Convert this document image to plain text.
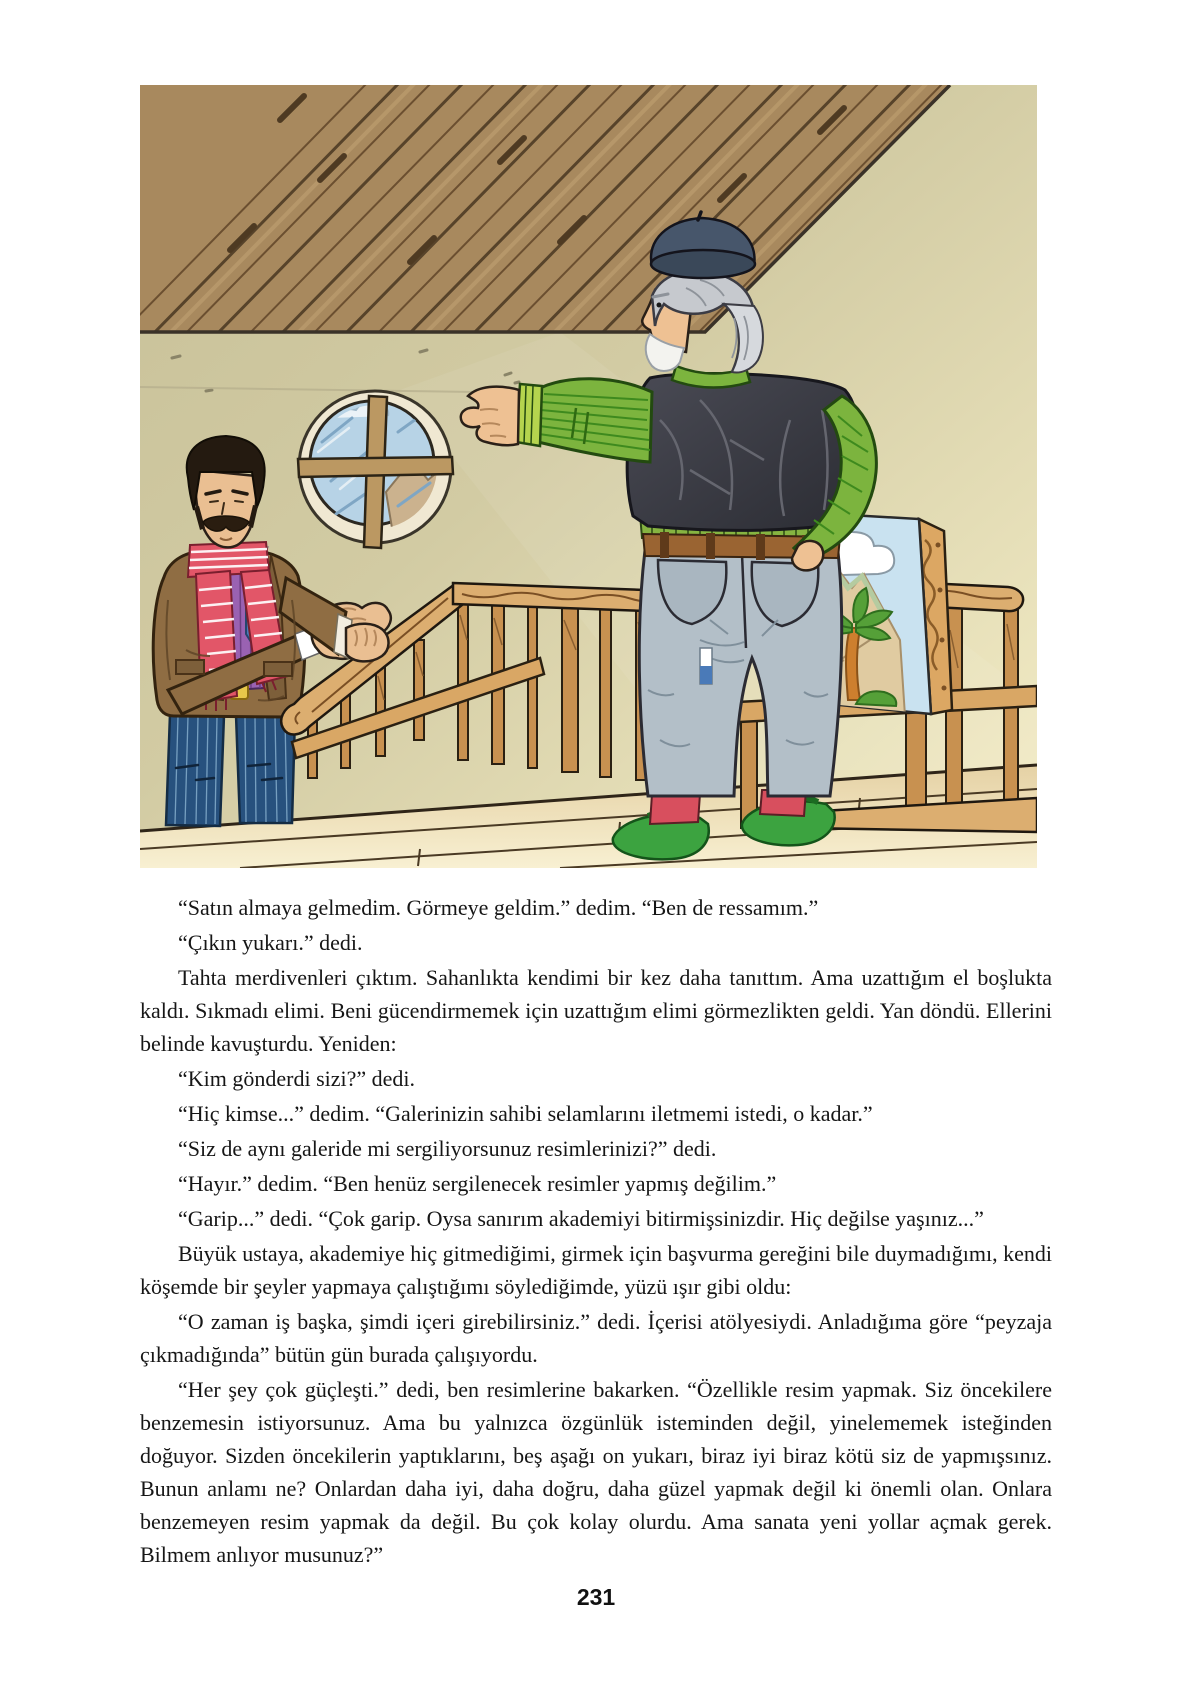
“Satın almaya gelmedim. Görmeye geldim.” dedim. “Ben de ressamım.”

“Çıkın yukarı.” dedi.

Tahta merdivenleri çıktım. Sahanlıkta kendimi bir kez daha tanıttım. Ama uzattığım el boşlukta kaldı. Sıkmadı elimi. Beni gücendirmemek için uzattığım elimi görmezlikten geldi. Yan döndü. Ellerini belinde kavuşturdu. Yeniden:

“Kim gönderdi sizi?” dedi.

“Hiç kimse...” dedim. “Galerinizin sahibi selamlarını iletmemi istedi, o kadar.”

“Siz de aynı galeride mi sergiliyorsunuz resimlerinizi?” dedi.

“Hayır.” dedim. “Ben henüz sergilenecek resimler yapmış değilim.”

“Garip...” dedi. “Çok garip. Oysa sanırım akademiyi bitirmişsinizdir. Hiç değilse yaşınız...”

Büyük ustaya, akademiye hiç gitmediğimi, girmek için başvurma gereğini bile duymadığımı, kendi köşemde bir şeyler yapmaya çalıştığımı söylediğimde, yüzü ışır gibi oldu:

“O zaman iş başka, şimdi içeri girebilirsiniz.” dedi. İçerisi atölyesiydi. Anladığıma göre “peyzaja çıkmadığında” bütün gün burada çalışıyordu.

“Her şey çok güçleşti.” dedi, ben resimlerine bakarken. “Özellikle resim yapmak. Siz öncekilere benzemesin istiyorsunuz. Ama bu yalnızca özgünlük isteminden değil, yinelememek isteğinden doğuyor. Sizden öncekilerin yaptıklarını, beş aşağı on yukarı, biraz iyi biraz kötü siz de yapmışsınız. Bunun anlamı ne? Onlardan daha iyi, daha doğru, daha güzel yapmak değil ki önemli olan. Onlara benzemeyen resim yapmak da değil. Bu çok kolay olurdu. Ama sanata yeni yollar açmak gerek. Bilmem anlıyor musunuz?”

231
